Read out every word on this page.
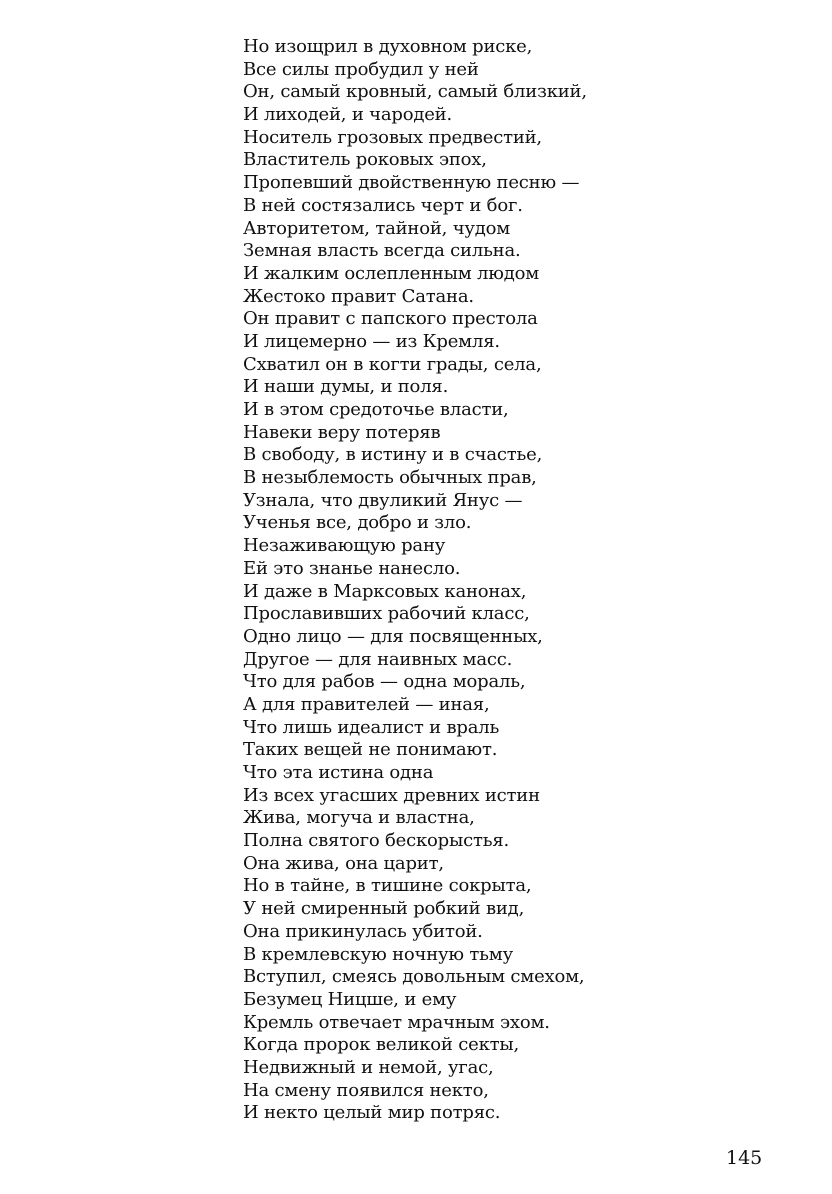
Но изощрил в духовном риске,
Все силы пробудил у ней
Он, самый кровный, самый близкий,
И лиходей, и чародей.
Носитель грозовых предвестий,
Властитель роковых эпох,
Пропевший двойственную песню —
В ней состязались черт и бог.
Авторитетом, тайной, чудом
Земная власть всегда сильна.
И жалким ослепленным людом
Жестоко правит Сатана.
Он правит с папского престола
И лицемерно — из Кремля.
Схватил он в когти грады, села,
И наши думы, и поля.
И в этом средоточье власти,
Навеки веру потеряв
В свободу, в истину и в счастье,
В незыблемость обычных прав,
Узнала, что двуликий Янус —
Ученья все, добро и зло.
Незаживающую рану
Ей это знанье нанесло.
И даже в Марксовых канонах,
Прославивших рабочий класс,
Одно лицо — для посвященных,
Другое — для наивных масс.
Что для рабов — одна мораль,
А для правителей — иная,
Что лишь идеалист и враль
Таких вещей не понимают.
Что эта истина одна
Из всех угасших древних истин
Жива, могуча и властна,
Полна святого бескорыстья.
Она жива, она царит,
Но в тайне, в тишине сокрыта,
У ней смиренный робкий вид,
Она прикинулась убитой.
В кремлевскую ночную тьму
Вступил, смеясь довольным смехом,
Безумец Ницше, и ему
Кремль отвечает мрачным эхом.
Когда пророк великой секты,
Недвижный и немой, угас,
На смену появился некто,
И некто целый мир потряс.
145
